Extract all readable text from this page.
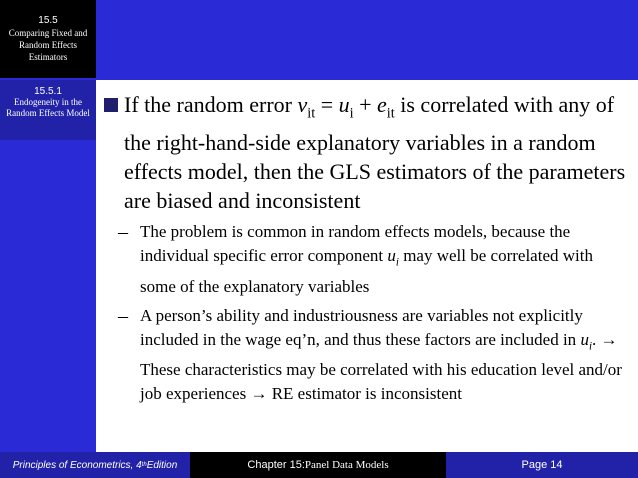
15.5
Comparing Fixed and Random Effects Estimators
15.5.1
Endogeneity in the Random Effects Model If the random error $v_{it} = u_i + e_{it}$ is correlated with any of the right-hand-side explanatory variables in a random effects model, then the GLS estimators of the parameters are biased and inconsistent
– The problem is common in random effects models, because the individual specific error component $u_i$ may well be correlated with some of the explanatory variables
– A person’s ability and industriousness are variables not explicitly included in the wage eq’n, and thus these factors are included in $u_i$. → These characteristics may be correlated with his education level and/or job experiences → RE estimator is inconsistent
Principles of Econometrics, 4 th Edition	Chapter 15: Panel Data Models	Page 14
